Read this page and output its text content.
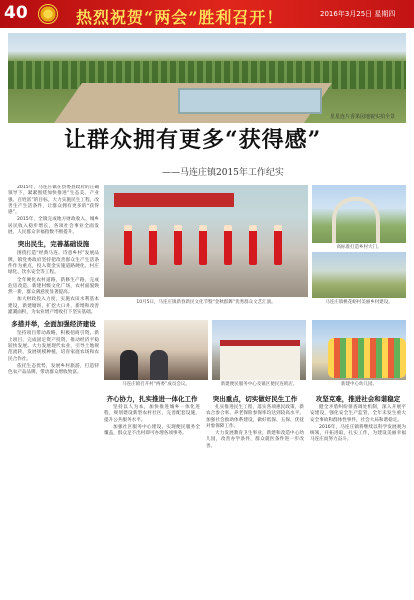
40	热烈祝贺“两会”胜利召开！	2016年3月25日 星期四
星星连片香果园地貌实拍全景
让群众拥有更多“获得感”
——马连庄镇2015年工作纪实

2015年，马连庄镇在县委县政府的正确领导下，紧紧围绕加快推进“生态美、产业强、百姓富”的目标，大力实施民生工程，改善生产生活条件，让群众拥有更多的“获得感”。

2015年，全镇完成地方财政收入、城乡居民收入稳步增长，各项社会事业全面发展，人民群众幸福指数不断提升。

突出民生，完善基础设施

围绕打造“经典马连、诗意乡村”发展品牌，镇党委政府坚持把改善群众生产生活条件作为重点，投入资金实施道路硬化、村庄绿化、饮水安全等工程。

全年硬化农村道路，新修生产路，完成危房改造，新建村级文化广场，农村面貌焕然一新，群众满意度显著提高。

加大财政投入力度，实施农田水利基本建设，新建塘坝、扩挖大口井，新增和改善灌溉面积，为农业增产增收打下坚实基础。

多措并举，全面加强经济建设

坚持项目带动战略，积极招商引资，新上项目，完成固定资产投资，推动经济平稳较快发展。大力发展现代农业，引导土地规范流转，发展规模种植，培育家庭农场和农民合作社。

依托生态优势，发展乡村旅游，打造特色农产品品牌，带动群众增收致富。

10月5日，马连庄镇新春新民文化节暨“金秋群舞”优秀群众文艺汇演。
高标准打造乡村大门。
马连庄镇桃花峪村美丽乡村建设。
马连庄镇召开村“两委”成员会议。	新建便民服务中心及镇区便民连锁店。	新建中心幼儿园。
齐心协力，扎实推进一体化工作

坚持以人为本，加快推进城乡一体化进程，规划建设新型农村社区，完善配套设施，提升公共服务水平。

加强社区服务中心建设，实现便民服务全覆盖，群众足不出村即可办理各项事务。

突出重点，切实做好民生工作

扎实推进民生工程，落实各项惠民政策，新农合参合率、养老保险参保率均达到较高水平。加强社会救助体系建设，做好低保、五保、优抚对象保障工作。

大力发展教育卫生事业，新建和改造中心幼儿园，改善办学条件，群众就医条件进一步改善。

攻坚克难，推进社会和谐稳定

健全矛盾纠纷排查调处机制，深入开展平安建设，强化安全生产监管，全年未发生重大安全事故和群体性事件，社会大局和谐稳定。

2016年，马连庄镇将继续以科学发展观为统领，开拓进取，扎实工作，为建设美丽幸福马连庄而努力奋斗。
